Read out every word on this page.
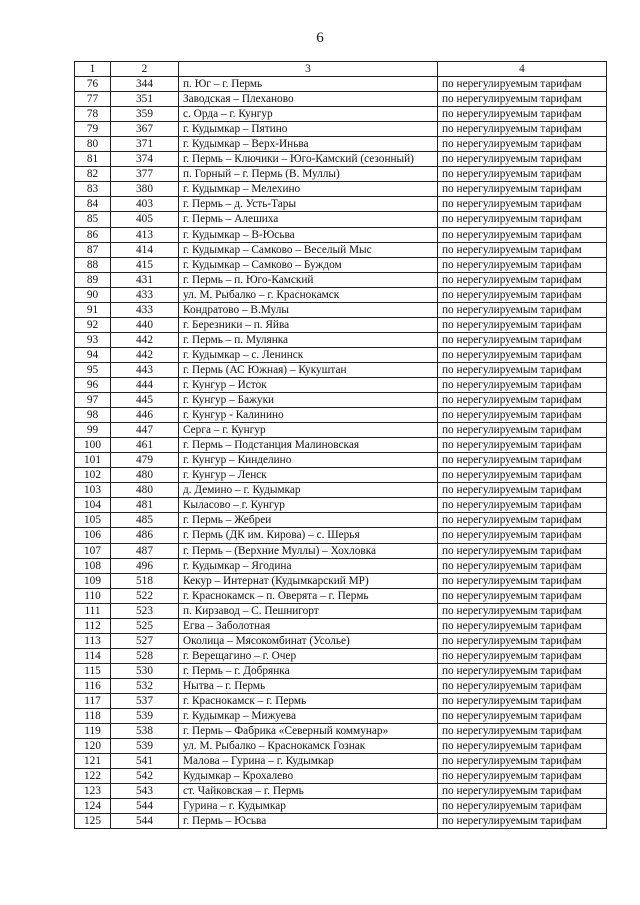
6
1	2	3	4
76	344	п. Юг – г. Пермь	по нерегулируемым тарифам
77	351	Заводская – Плеханово	по нерегулируемым тарифам
78	359	с. Орда – г. Кунгур	по нерегулируемым тарифам
79	367	г. Кудымкар – Пятино	по нерегулируемым тарифам
80	371	г. Кудымкар – Верх-Иньва	по нерегулируемым тарифам
81	374	г. Пермь – Ключики – Юго-Камский (сезонный)	по нерегулируемым тарифам
82	377	п. Горный – г. Пермь (В. Муллы)	по нерегулируемым тарифам
83	380	г. Кудымкар – Мелехино	по нерегулируемым тарифам
84	403	г. Пермь – д. Усть-Тары	по нерегулируемым тарифам
85	405	г. Пермь – Алешиха	по нерегулируемым тарифам
86	413	г. Кудымкар – В-Юсьва	по нерегулируемым тарифам
87	414	г. Кудымкар – Самково – Веселый Мыс	по нерегулируемым тарифам
88	415	г. Кудымкар – Самково – Буждом	по нерегулируемым тарифам
89	431	г. Пермь – п. Юго-Камский	по нерегулируемым тарифам
90	433	ул. М. Рыбалко – г. Краснокамск	по нерегулируемым тарифам
91	433	Кондратово – В.Мулы	по нерегулируемым тарифам
92	440	г. Березники – п. Яйва	по нерегулируемым тарифам
93	442	г. Пермь – п. Мулянка	по нерегулируемым тарифам
94	442	г. Кудымкар – с. Ленинск	по нерегулируемым тарифам
95	443	г. Пермь (АС Южная) – Кукуштан	по нерегулируемым тарифам
96	444	г. Кунгур – Исток	по нерегулируемым тарифам
97	445	г. Кунгур – Бажуки	по нерегулируемым тарифам
98	446	г. Кунгур - Калинино	по нерегулируемым тарифам
99	447	Серга – г. Кунгур	по нерегулируемым тарифам
100	461	г. Пермь – Подстанция Малиновская	по нерегулируемым тарифам
101	479	г. Кунгур – Кинделино	по нерегулируемым тарифам
102	480	г. Кунгур – Ленск	по нерегулируемым тарифам
103	480	д. Демино – г. Кудымкар	по нерегулируемым тарифам
104	481	Кыласово – г. Кунгур	по нерегулируемым тарифам
105	485	г. Пермь – Жебреи	по нерегулируемым тарифам
106	486	г. Пермь (ДК им. Кирова) – с. Шерья	по нерегулируемым тарифам
107	487	г. Пермь – (Верхние Муллы) – Хохловка	по нерегулируемым тарифам
108	496	г. Кудымкар – Ягодина	по нерегулируемым тарифам
109	518	Кекур – Интернат (Кудымкарский МР)	по нерегулируемым тарифам
110	522	г. Краснокамск – п. Оверята – г. Пермь	по нерегулируемым тарифам
111	523	п. Кирзавод – С. Пешнигорт	по нерегулируемым тарифам
112	525	Егва – Заболотная	по нерегулируемым тарифам
113	527	Околица – Мясокомбинат (Усолье)	по нерегулируемым тарифам
114	528	г. Верещагино – г. Очер	по нерегулируемым тарифам
115	530	г. Пермь – г. Добрянка	по нерегулируемым тарифам
116	532	Нытва – г. Пермь	по нерегулируемым тарифам
117	537	г. Краснокамск – г. Пермь	по нерегулируемым тарифам
118	539	г. Кудымкар – Мижуева	по нерегулируемым тарифам
119	538	г. Пермь – Фабрика «Северный коммунар»	по нерегулируемым тарифам
120	539	ул. М. Рыбалко – Краснокамск Гознак	по нерегулируемым тарифам
121	541	Малова – Гурина – г. Кудымкар	по нерегулируемым тарифам
122	542	Кудымкар – Крохалево	по нерегулируемым тарифам
123	543	ст. Чайковская – г. Пермь	по нерегулируемым тарифам
124	544	Гурина – г. Кудымкар	по нерегулируемым тарифам
125	544	г. Пермь – Юсьва	по нерегулируемым тарифам
